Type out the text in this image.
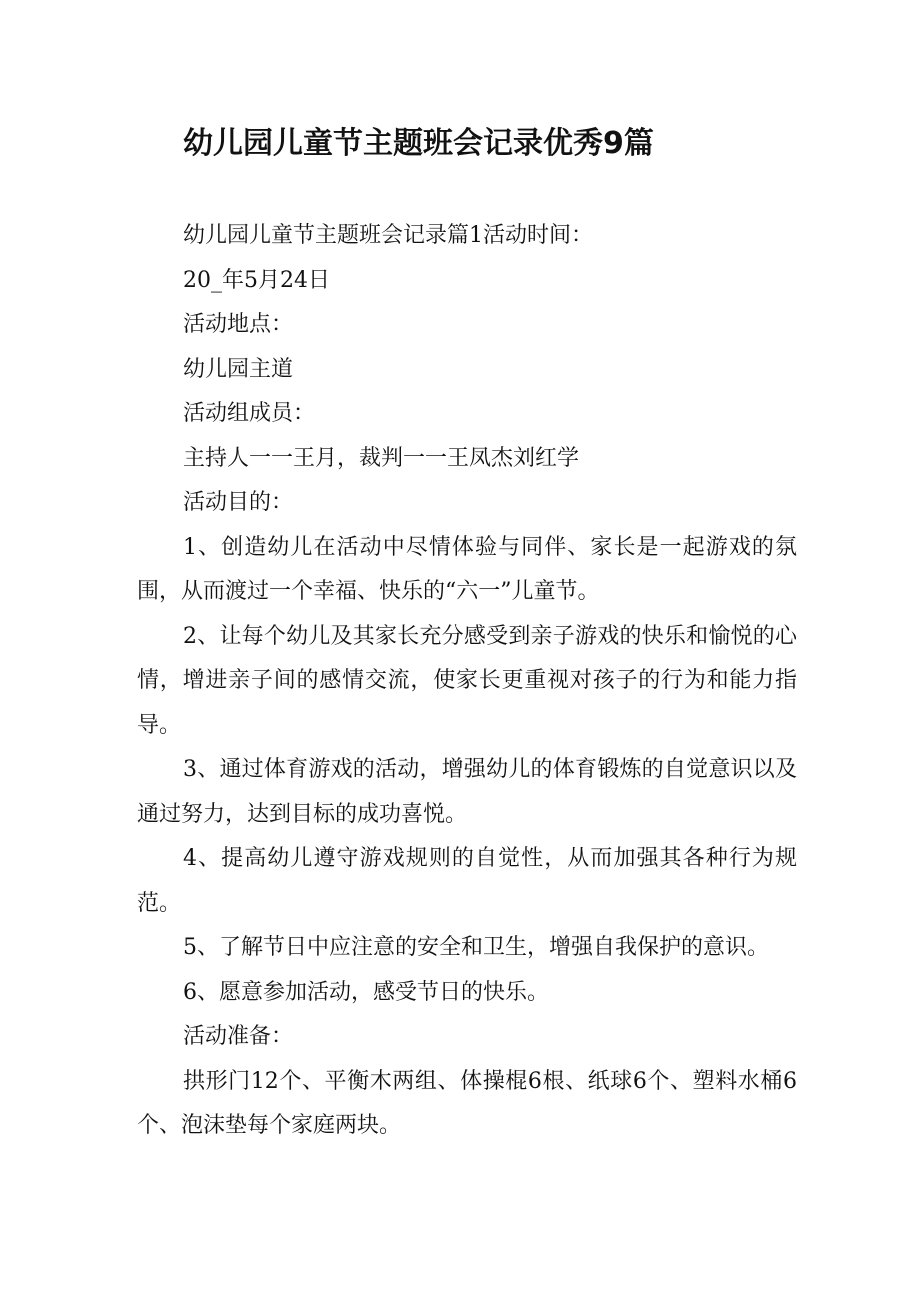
幼儿园儿童节主题班会记录优秀9篇

幼儿园儿童节主题班会记录篇1活动时间：

20_年5月24日

活动地点：

幼儿园主道

活动组成员：

主持人一一王月，裁判一一王凤杰刘红学

活动目的：

1、创造幼儿在活动中尽情体验与同伴、家长是一起游戏的氛围，从而渡过一个幸福、快乐的“六一”儿童节。

2、让每个幼儿及其家长充分感受到亲子游戏的快乐和愉悦的心情，增进亲子间的感情交流，使家长更重视对孩子的行为和能力指导。

3、通过体育游戏的活动，增强幼儿的体育锻炼的自觉意识以及通过努力，达到目标的成功喜悦。

4、提高幼儿遵守游戏规则的自觉性，从而加强其各种行为规范。

5、了解节日中应注意的安全和卫生，增强自我保护的意识。

6、愿意参加活动，感受节日的快乐。

活动准备：

拱形门12个、平衡木两组、体操棍6根、纸球6个、塑料水桶6个、泡沫垫每个家庭两块。
